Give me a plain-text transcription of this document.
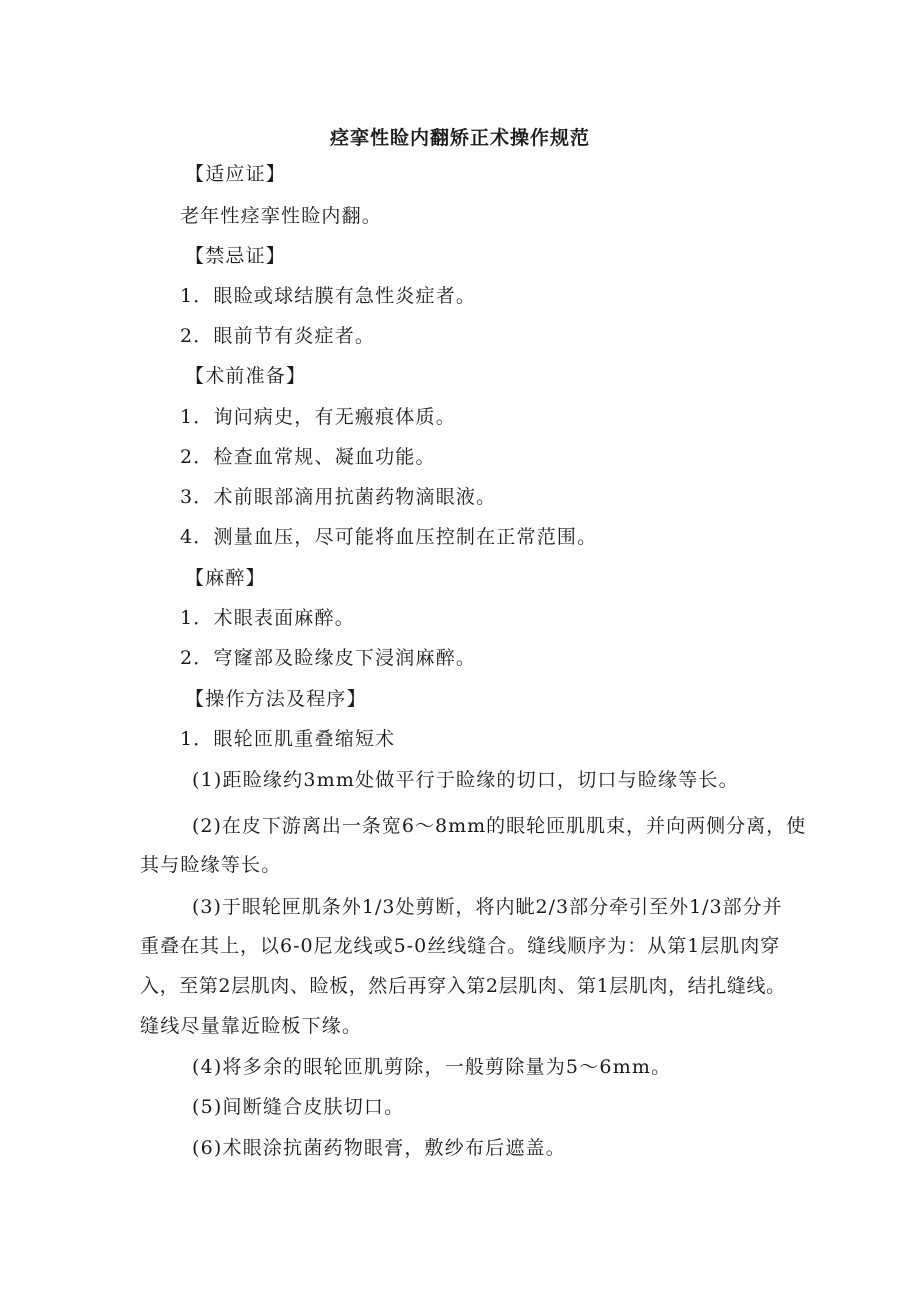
痉挛性睑内翻矫正术操作规范
【适应证】
老年性痉挛性睑内翻。
【禁忌证】
1．眼睑或球结膜有急性炎症者。
2．眼前节有炎症者。
【术前准备】
1．询问病史，有无瘢痕体质。
2．检查血常规、凝血功能。
3．术前眼部滴用抗菌药物滴眼液。
4．测量血压，尽可能将血压控制在正常范围。
【麻醉】
1．术眼表面麻醉。
2．穹窿部及睑缘皮下浸润麻醉。
【操作方法及程序】
1．眼轮匝肌重叠缩短术
(1)距睑缘约3mm处做平行于睑缘的切口，切口与睑缘等长。
(2)在皮下游离出一条宽6～8mm的眼轮匝肌肌束，并向两侧分离，使
其与睑缘等长。
(3)于眼轮匣肌条外1/3处剪断，将内眦2/3部分牵引至外1/3部分并
重叠在其上，以6-0尼龙线或5-0丝线缝合。缝线顺序为：从第1层肌肉穿
入，至第2层肌肉、睑板，然后再穿入第2层肌肉、第1层肌肉，结扎缝线。
缝线尽量靠近睑板下缘。
(4)将多余的眼轮匝肌剪除，一般剪除量为5～6mm。
(5)间断缝合皮肤切口。
(6)术眼涂抗菌药物眼膏，敷纱布后遮盖。
